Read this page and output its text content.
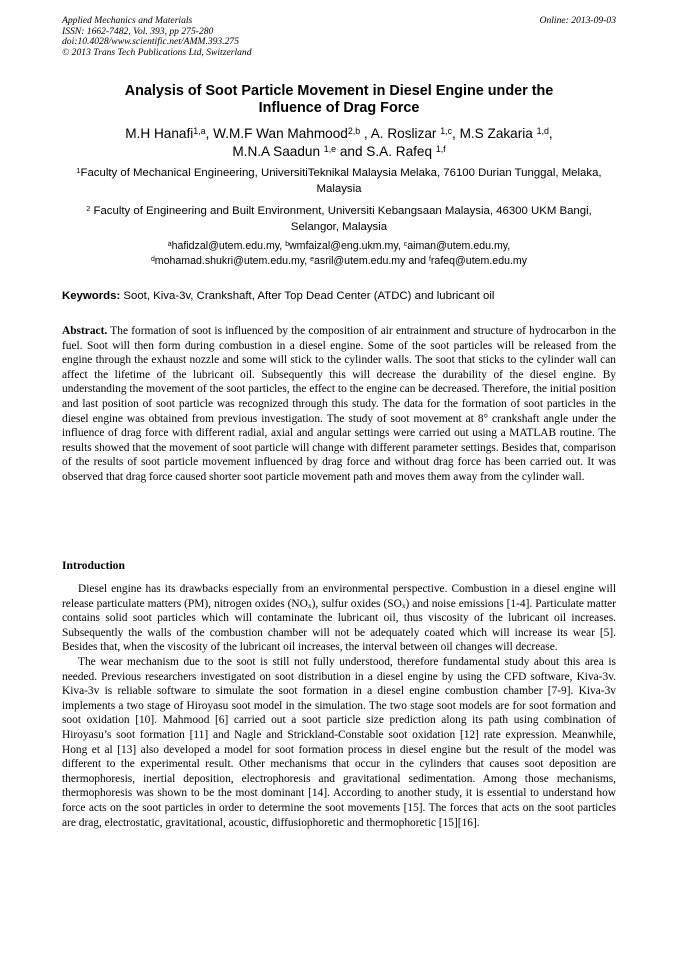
Applied Mechanics and Materials
ISSN: 1662-7482, Vol. 393, pp 275-280
doi:10.4028/www.scientific.net/AMM.393.275
© 2013 Trans Tech Publications Ltd, Switzerland
Online: 2013-09-03
Analysis of Soot Particle Movement in Diesel Engine under the
Influence of Drag Force
M.H Hanafi$^{1,a}$, W.M.F Wan Mahmood$^{2,b}$ , A. Roslizar $^{1,c}$, M.S Zakaria $^{1,d}$,
M.N.A Saadun $^{1,e}$ and S.A. Rafeq $^{1,f}$
$^1$Faculty of Mechanical Engineering, UniversitiTeknikal Malaysia Melaka, 76100 Durian Tunggal, Melaka, Malaysia
$^2$ Faculty of Engineering and Built Environment, Universiti Kebangsaan Malaysia, 46300 UKM Bangi, Selangor, Malaysia
$^a$hafidzal@utem.edu.my, $^b$wmfaizal@eng.ukm.my, $^c$aiman@utem.edu.my,
$^d$mohamad.shukri@utem.edu.my, $^e$asril@utem.edu.my and $^f$rafeq@utem.edu.my
Keywords: Soot, Kiva-3v, Crankshaft, After Top Dead Center (ATDC) and lubricant oil
Abstract. The formation of soot is influenced by the composition of air entrainment and structure of hydrocarbon in the fuel. Soot will then form during combustion in a diesel engine. Some of the soot particles will be released from the engine through the exhaust nozzle and some will stick to the cylinder walls. The soot that sticks to the cylinder wall can affect the lifetime of the lubricant oil. Subsequently this will decrease the durability of the diesel engine. By understanding the movement of the soot particles, the effect to the engine can be decreased. Therefore, the initial position and last position of soot particle was recognized through this study. The data for the formation of soot particles in the diesel engine was obtained from previous investigation. The study of soot movement at 8° crankshaft angle under the influence of drag force with different radial, axial and angular settings were carried out using a MATLAB routine. The results showed that the movement of soot particle will change with different parameter settings. Besides that, comparison of the results of soot particle movement influenced by drag force and without drag force has been carried out. It was observed that drag force caused shorter soot particle movement path and moves them away from the cylinder wall.
Introduction

Diesel engine has its drawbacks especially from an environmental perspective. Combustion in a diesel engine will release particulate matters (PM), nitrogen oxides $(NO_x)$, sulfur oxides $(SO_x)$ and noise emissions [1-4]. Particulate matter contains solid soot particles which will contaminate the lubricant oil, thus viscosity of the lubricant oil increases. Subsequently the walls of the combustion chamber will not be adequately coated which will increase its wear [5]. Besides that, when the viscosity of the lubricant oil increases, the interval between oil changes will decrease.

The wear mechanism due to the soot is still not fully understood, therefore fundamental study about this area is needed. Previous researchers investigated on soot distribution in a diesel engine by using the CFD software, Kiva-3v. Kiva-3v is reliable software to simulate the soot formation in a diesel engine combustion chamber [7-9]. Kiva-3v implements a two stage of Hiroyasu soot model in the simulation. The two stage soot models are for soot formation and soot oxidation [10]. Mahmood [6] carried out a soot particle size prediction along its path using combination of Hiroyasu’s soot formation [11] and Nagle and Strickland-Constable soot oxidation [12] rate expression. Meanwhile, Hong et al [13] also developed a model for soot formation process in diesel engine but the result of the model was different to the experimental result. Other mechanisms that occur in the cylinders that causes soot deposition are thermophoresis, inertial deposition, electrophoresis and gravitational sedimentation. Among those mechanisms, thermophoresis was shown to be the most dominant [14]. According to another study, it is essential to understand how force acts on the soot particles in order to determine the soot movements [15]. The forces that acts on the soot particles are drag, electrostatic, gravitational, acoustic, diffusiophoretic and thermophoretic [15][16].
